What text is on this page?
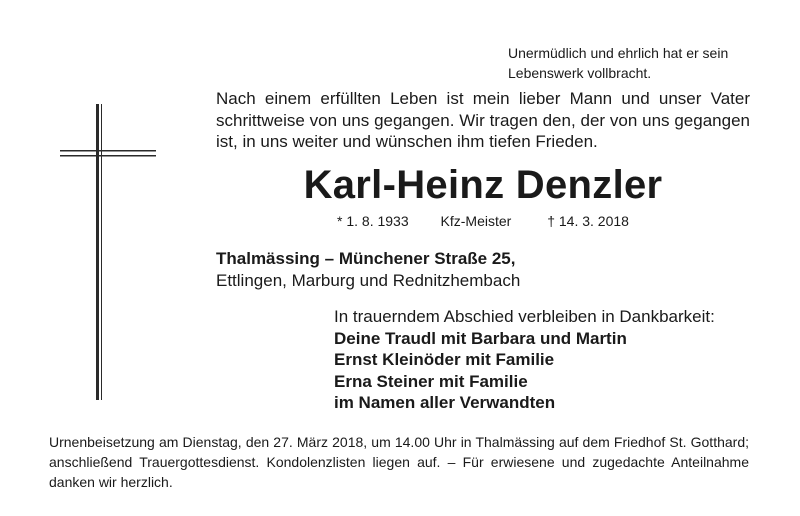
Unermüdlich und ehrlich hat er sein
Lebenswerk vollbracht.
Nach einem erfüllten Leben ist mein lieber Mann und unser Vater schrittweise von uns gegangen. Wir tragen den, der von uns gegangen ist, in uns weiter und wünschen ihm tiefen Frieden.
Karl-Heinz Denzler
* 1. 8. 1933 Kfz-Meister	† 14. 3. 2018
Thalmässing – Münchener Straße 25,
Ettlingen, Marburg und Rednitzhembach
In trauerndem Abschied verbleiben in Dankbarkeit:
Deine Traudl mit Barbara und Martin
Ernst Kleinöder mit Familie
Erna Steiner mit Familie
im Namen aller Verwandten
Urnenbeisetzung am Dienstag, den 27. März 2018, um 14.00 Uhr in Thalmässing auf dem Friedhof St. Gotthard; anschließend Trauergottesdienst. Kondolenzlisten liegen auf. – Für erwiesene und zugedachte Anteilnahme danken wir herzlich.
